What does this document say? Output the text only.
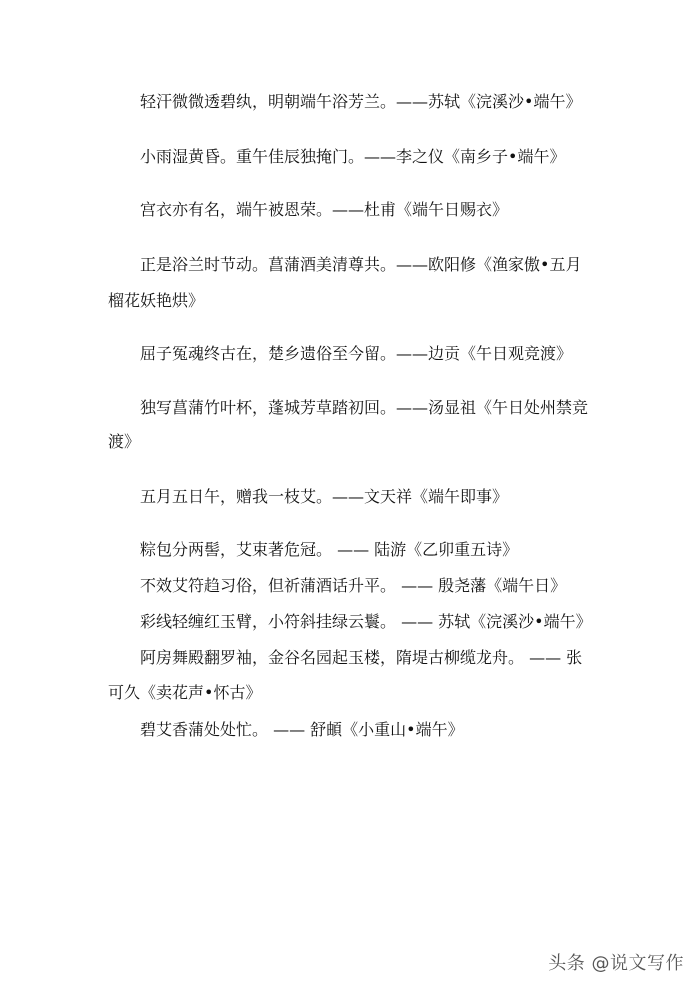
　　轻汗微微透碧纨，明朝端午浴芳兰。——苏轼《浣溪沙•端午》
　　小雨湿黄昏。重午佳辰独掩门。——李之仪《南乡子•端午》
　　宫衣亦有名，端午被恩荣。——杜甫《端午日赐衣》
　　正是浴兰时节动。菖蒲酒美清尊共。——欧阳修《渔家傲•五月
榴花妖艳烘》
　　屈子冤魂终古在，楚乡遗俗至今留。——边贡《午日观竞渡》
　　独写菖蒲竹叶杯，蓬城芳草踏初回。——汤显祖《午日处州禁竞
渡》
　　五月五日午，赠我一枝艾。——文天祥《端午即事》
　　粽包分两髻，艾束著危冠。 —— 陆游《乙卯重五诗》
　　不效艾符趋习俗，但祈蒲酒话升平。 —— 殷尧藩《端午日》
　　彩线轻缠红玉臂，小符斜挂绿云鬟。 —— 苏轼《浣溪沙•端午》
　　阿房舞殿翻罗袖，金谷名园起玉楼，隋堤古柳缆龙舟。 —— 张
可久《卖花声•怀古》
　　碧艾香蒲处处忙。 —— 舒頔《小重山•端午》
头条 @说文写作
